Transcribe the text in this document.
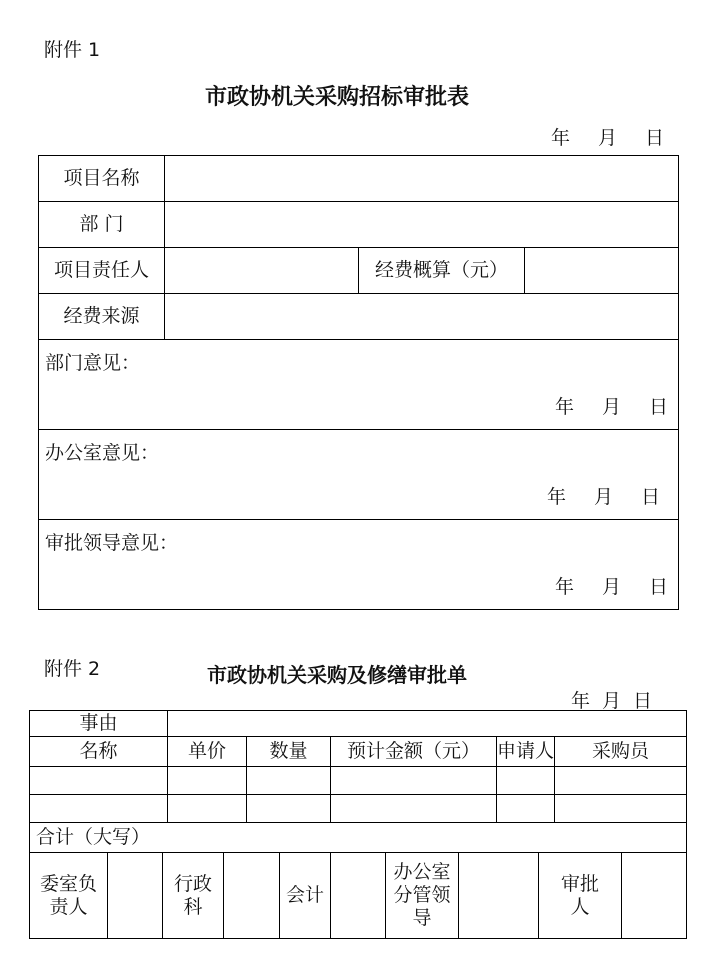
附件 1
市政协机关采购招标审批表
年 月 日
项目名称			
部 门			
项目责任人		经费概算（元）	
经费来源			

部门意见：
年 月 日			

办公室意见：
年 月 日			

审批领导意见：
年 月 日			
附件 2	市政协机关采购及修缮审批单
年 月 日
事由													
名称			单价		数量		预计金额（元）			申请人		采购员	

合计（大写）													
委室负责人		行政科				会计		办公室分管领导			审批人		
